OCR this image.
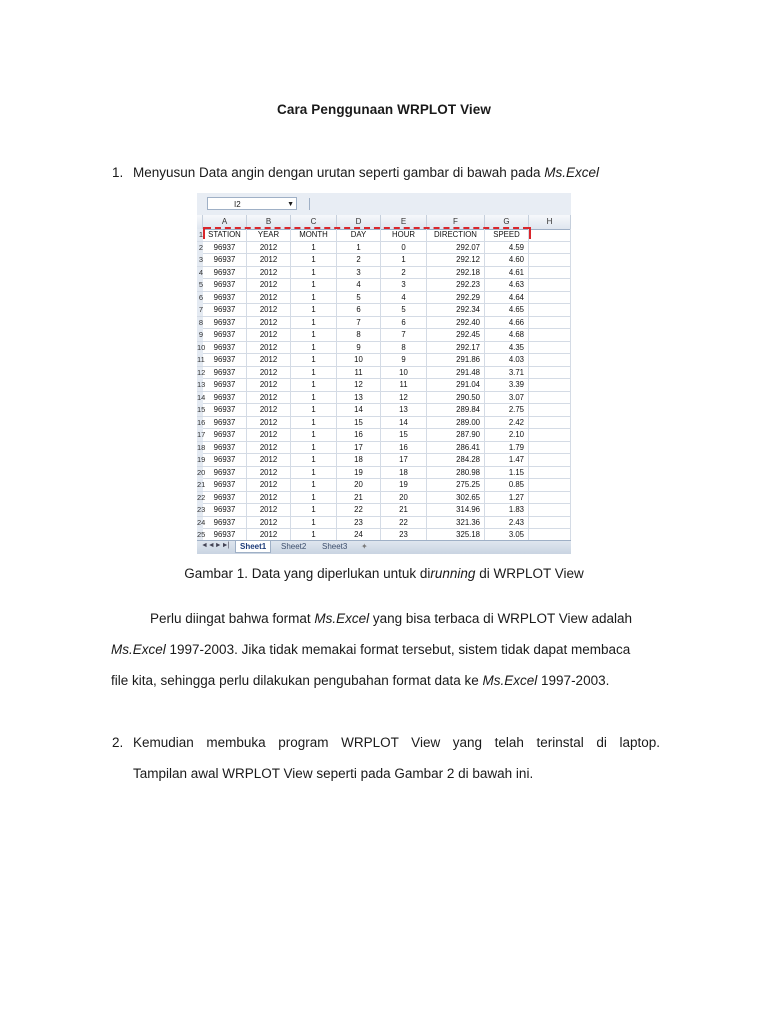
Cara Penggunaan WRPLOT View
1. Menyusun Data angin dengan urutan seperti gambar di bawah pada Ms.Excel
I2	▼
A	B	C	D	E	F	G	H
1 STATION	YEAR	MONTH	DAY	HOUR	DIRECTION	SPEED
2	96937	2012	1	1	0	292.07	4.59
3	96937	2012	1	2	1	292.12	4.60
4	96937	2012	1	3	2	292.18	4.61
5	96937	2012	1	4	3	292.23	4.63
6	96937	2012	1	5	4	292.29	4.64
7	96937	2012	1	6	5	292.34	4.65
8	96937	2012	1	7	6	292.40	4.66
9	96937	2012	1	8	7	292.45	4.68
10	96937	2012	1	9	8	292.17	4.35
11	96937	2012	1	10	9	291.86	4.03
12	96937	2012	1	11	10	291.48	3.71
13	96937	2012	1	12	11	291.04	3.39
14	96937	2012	1	13	12	290.50	3.07
15	96937	2012	1	14	13	289.84	2.75
16	96937	2012	1	15	14	289.00	2.42
17	96937	2012	1	16	15	287.90	2.10
18	96937	2012	1	17	16	286.41	1.79
19	96937	2012	1	18	17	284.28	1.47
20	96937	2012	1	19	18	280.98	1.15
21	96937	2012	1	20	19	275.25	0.85
22	96937	2012	1	21	20	302.65	1.27
23	96937	2012	1	22	21	314.96	1.83
24	96937	2012	1	23	22	321.36	2.43
25	96937	2012	1	24	23	325.18	3.05
◄ ◄ ► ►|	Sheet1	Sheet2	Sheet3	✦
Gambar 1. Data yang diperlukan untuk dirunning di WRPLOT View
Perlu diingat bahwa format Ms.Excel yang bisa terbaca di WRPLOT View adalah
Ms.Excel 1997-2003. Jika tidak memakai format tersebut, sistem tidak dapat membaca
file kita, sehingga perlu dilakukan pengubahan format data ke Ms.Excel 1997-2003.
2. Kemudian membuka program WRPLOT View yang telah terinstal di laptop.
Tampilan awal WRPLOT View seperti pada Gambar 2 di bawah ini.
